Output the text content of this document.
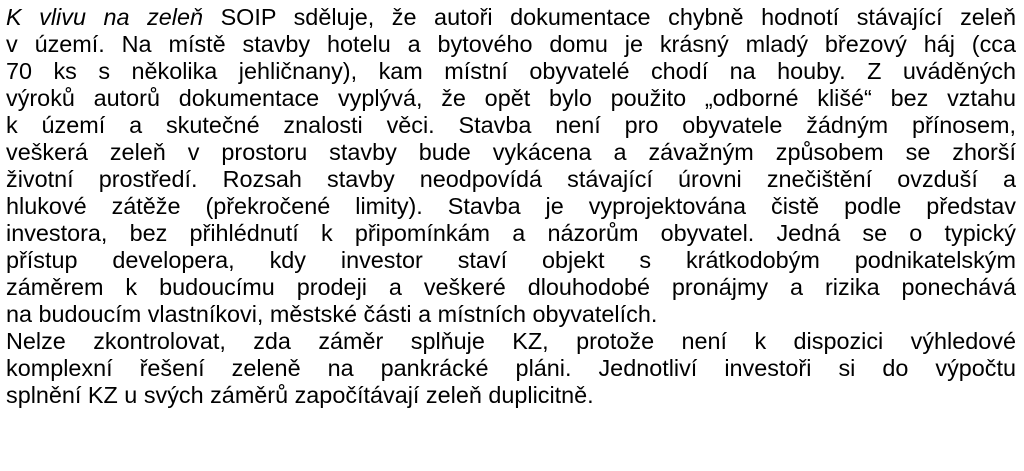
K vlivu na zeleň SOIP sděluje, že autoři dokumentace chybně hodnotí stávající zeleň
v území. Na místě stavby hotelu a bytového domu je krásný mladý březový háj (cca
70 ks s několika jehličnany), kam místní obyvatelé chodí na houby. Z uváděných
výroků autorů dokumentace vyplývá, že opět bylo použito „odborné klišé“ bez vztahu
k území a skutečné znalosti věci. Stavba není pro obyvatele žádným přínosem,
veškerá zeleň v prostoru stavby bude vykácena a závažným způsobem se zhorší
životní prostředí. Rozsah stavby neodpovídá stávající úrovni znečištění ovzduší a
hlukové zátěže (překročené limity). Stavba je vyprojektována čistě podle představ
investora, bez přihlédnutí k připomínkám a názorům obyvatel. Jedná se o typický
přístup developera, kdy investor staví objekt s krátkodobým podnikatelským
záměrem k budoucímu prodeji a veškeré dlouhodobé pronájmy a rizika ponechává
na budoucím vlastníkovi, městské části a místních obyvatelích.
Nelze zkontrolovat, zda záměr splňuje KZ, protože není k dispozici výhledové
komplexní řešení zeleně na pankrácké pláni. Jednotliví investoři si do výpočtu
splnění KZ u svých záměrů započítávají zeleň duplicitně.
